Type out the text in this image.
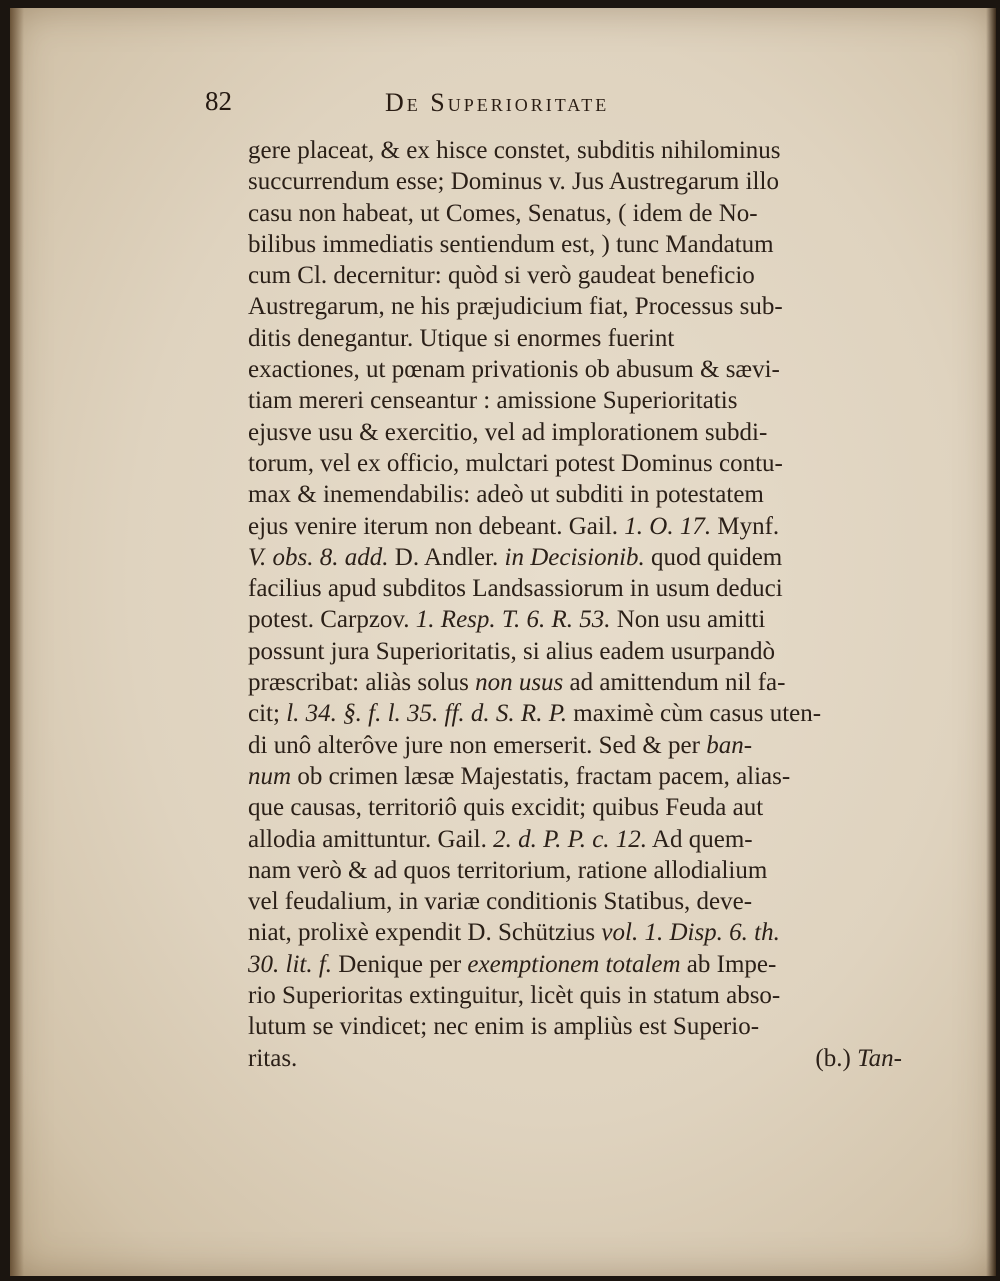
82	De Superioritate
gere placeat, & ex hisce constet, subditis nihilominus
succurrendum esse; Dominus v. Jus Austregarum illo
casu non habeat, ut Comes, Senatus, ( idem de No-
bilibus immediatis sentiendum est, ) tunc Mandatum
cum Cl. decernitur: quòd si verò gaudeat beneficio
Austregarum, ne his præjudicium fiat, Processus sub-
ditis denegantur. Utique si enormes fuerint
exactiones, ut pœnam privationis ob abusum & sævi-
tiam mereri censeantur : amissione Superioritatis
ejusve usu & exercitio, vel ad implorationem subdi-
torum, vel ex officio, mulctari potest Dominus contu-
max & inemendabilis: adeò ut subditi in potestatem
ejus venire iterum non debeant. Gail. 1. O. 17. Mynf.
V. obs. 8. add. D. Andler. in Decisionib. quod quidem
facilius apud subditos Landsassiorum in usum deduci
potest. Carpzov. 1. Resp. T. 6. R. 53. Non usu amitti
possunt jura Superioritatis, si alius eadem usurpandò
præscribat: aliàs solus non usus ad amittendum nil fa-
cit; l. 34. §. f. l. 35. ff. d. S. R. P. maximè cùm casus uten-
di unô alterôve jure non emerserit. Sed & per ban-
num ob crimen læsæ Majestatis, fractam pacem, alias-
que causas, territoriô quis excidit; quibus Feuda aut
allodia amittuntur. Gail. 2. d. P. P. c. 12. Ad quem-
nam verò & ad quos territorium, ratione allodialium
vel feudalium, in variæ conditionis Statibus, deve-
niat, prolixè expendit D. Schützius vol. 1. Disp. 6. th.
30. lit. f. Denique per exemptionem totalem ab Impe-
rio Superioritas extinguitur, licèt quis in statum abso-
lutum se vindicet; nec enim is ampliùs est Superio-
ritas.	(b.) Tan-
